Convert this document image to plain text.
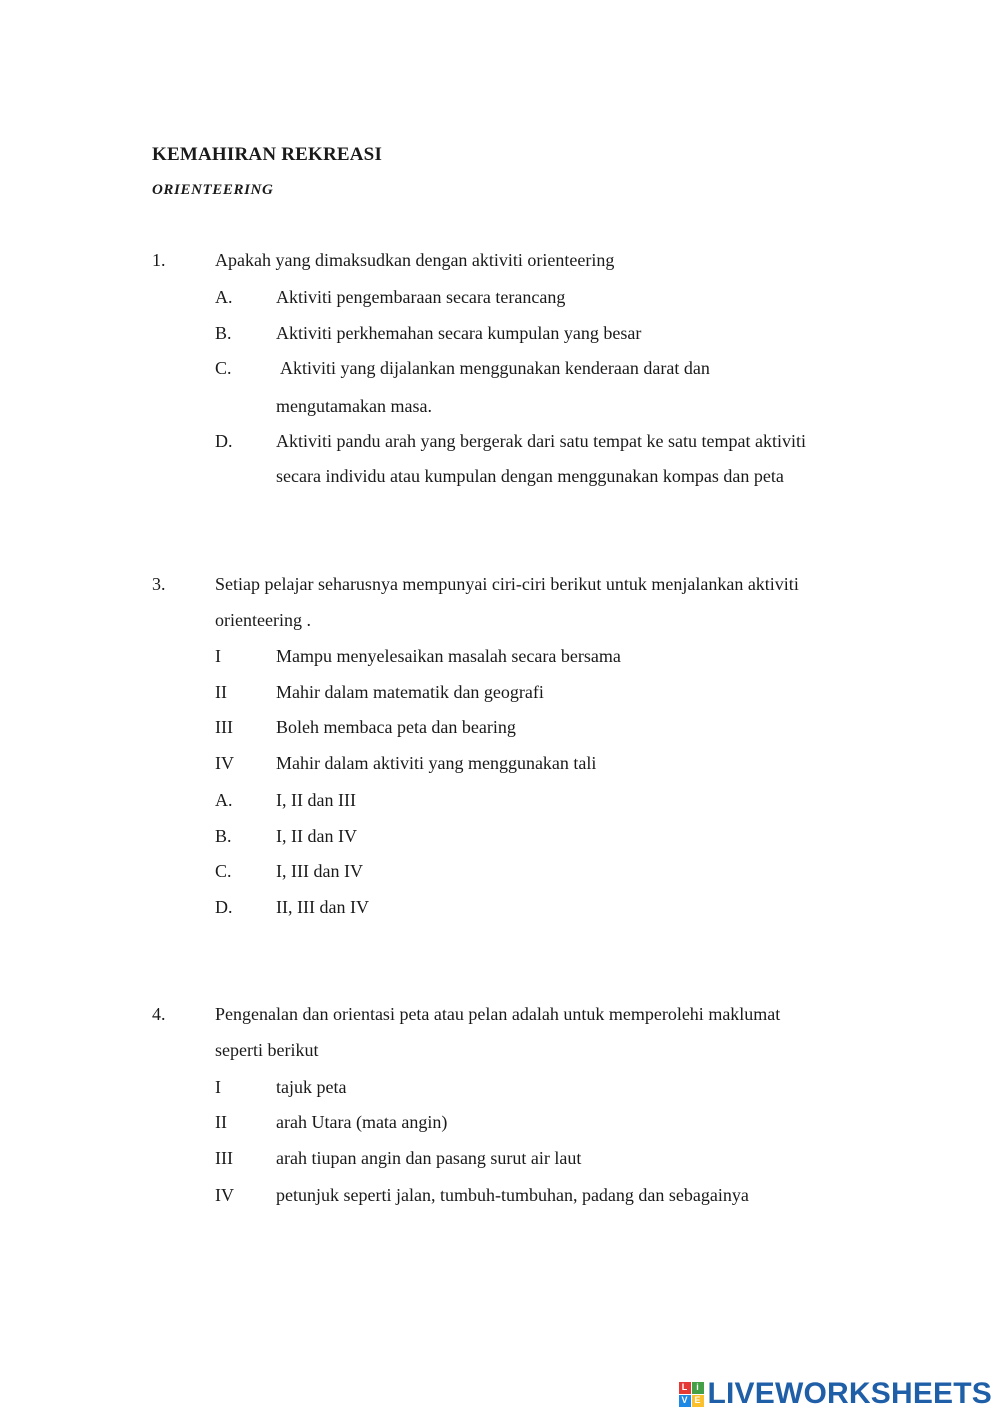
KEMAHIRAN REKREASI
ORIENTEERING
1.	Apakah yang dimaksudkan dengan aktiviti orienteering
A. Aktiviti pengembaraan secara terancang
B. Aktiviti perkhemahan secara kumpulan yang besar
C.	Aktiviti yang dijalankan menggunakan kenderaan darat dan
mengutamakan masa.
D. Aktiviti pandu arah yang bergerak dari satu tempat ke satu tempat aktiviti
secara individu atau kumpulan dengan menggunakan kompas dan peta
3.	Setiap pelajar seharusnya mempunyai ciri-ciri berikut untuk menjalankan aktiviti
orienteering .
I	Mampu menyelesaikan masalah secara bersama
II	Mahir dalam matematik dan geografi
III Boleh membaca peta dan bearing
IV Mahir dalam aktiviti yang menggunakan tali
A. I, II dan III
B. I, II dan IV
C. I, III dan IV
D. II, III dan IV
4.	Pengenalan dan orientasi peta atau pelan adalah untuk memperolehi maklumat
seperti berikut
I	tajuk peta
II	arah Utara (mata angin)
III arah tiupan angin dan pasang surut air laut
IV petunjuk seperti jalan, tumbuh-tumbuhan, padang dan sebagainya
L i
V E LIVEWORKSHEETS
